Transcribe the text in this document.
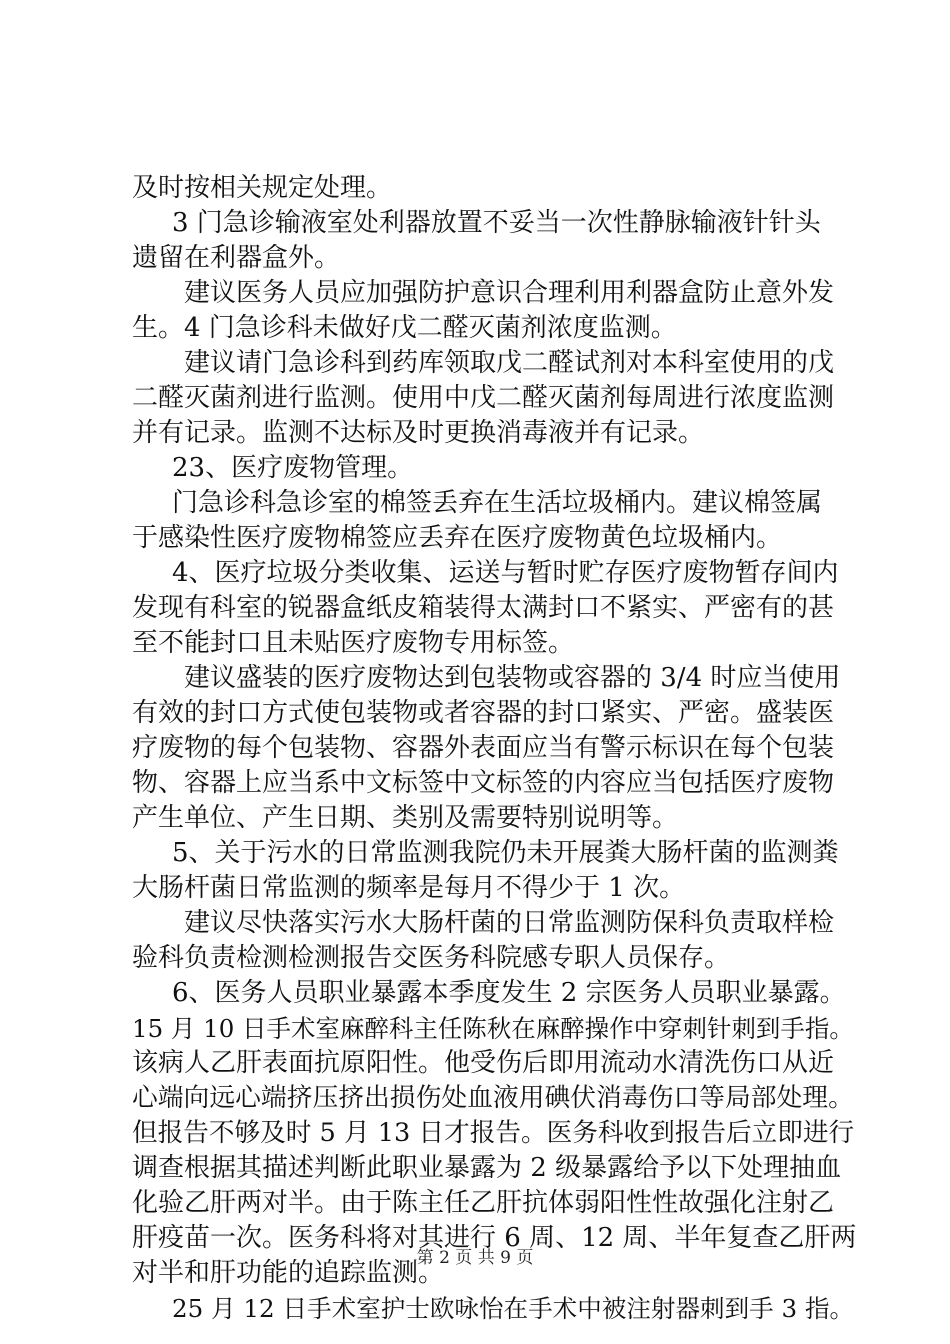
及时按相关规定处理。
3 门急诊输液室处利器放置不妥当一次性静脉输液针针头
遗留在利器盒外。
建议医务人员应加强防护意识合理利用利器盒防止意外发
生。4 门急诊科未做好戊二醛灭菌剂浓度监测。
建议请门急诊科到药库领取戊二醛试剂对本科室使用的戊
二醛灭菌剂进行监测。使用中戊二醛灭菌剂每周进行浓度监测
并有记录。监测不达标及时更换消毒液并有记录。
23、医疗废物管理。
门急诊科急诊室的棉签丢弃在生活垃圾桶内。建议棉签属
于感染性医疗废物棉签应丢弃在医疗废物黄色垃圾桶内。
4、医疗垃圾分类收集、运送与暂时贮存医疗废物暂存间内
发现有科室的锐器盒纸皮箱装得太满封口不紧实、严密有的甚
至不能封口且未贴医疗废物专用标签。
建议盛装的医疗废物达到包装物或容器的 3/4 时应当使用
有效的封口方式使包装物或者容器的封口紧实、严密。盛装医
疗废物的每个包装物、容器外表面应当有警示标识在每个包装
物、容器上应当系中文标签中文标签的内容应当包括医疗废物
产生单位、产生日期、类别及需要特别说明等。
5、关于污水的日常监测我院仍未开展粪大肠杆菌的监测粪
大肠杆菌日常监测的频率是每月不得少于 1 次。
建议尽快落实污水大肠杆菌的日常监测防保科负责取样检
验科负责检测检测报告交医务科院感专职人员保存。
6、医务人员职业暴露本季度发生 2 宗医务人员职业暴露。
15 月 10 日手术室麻醉科主任陈秋在麻醉操作中穿刺针刺到手指。
该病人乙肝表面抗原阳性。他受伤后即用流动水清洗伤口从近
心端向远心端挤压挤出损伤处血液用碘伏消毒伤口等局部处理。
但报告不够及时 5 月 13 日才报告。医务科收到报告后立即进行
调查根据其描述判断此职业暴露为 2 级暴露给予以下处理抽血
化验乙肝两对半。由于陈主任乙肝抗体弱阳性性故强化注射乙
肝疫苗一次。医务科将对其进行 6 周、12 周、半年复查乙肝两
对半和肝功能的追踪监测。
25 月 12 日手术室护士欧咏怡在手术中被注射器刺到手 3 指。
第 2 页 共 9 页
